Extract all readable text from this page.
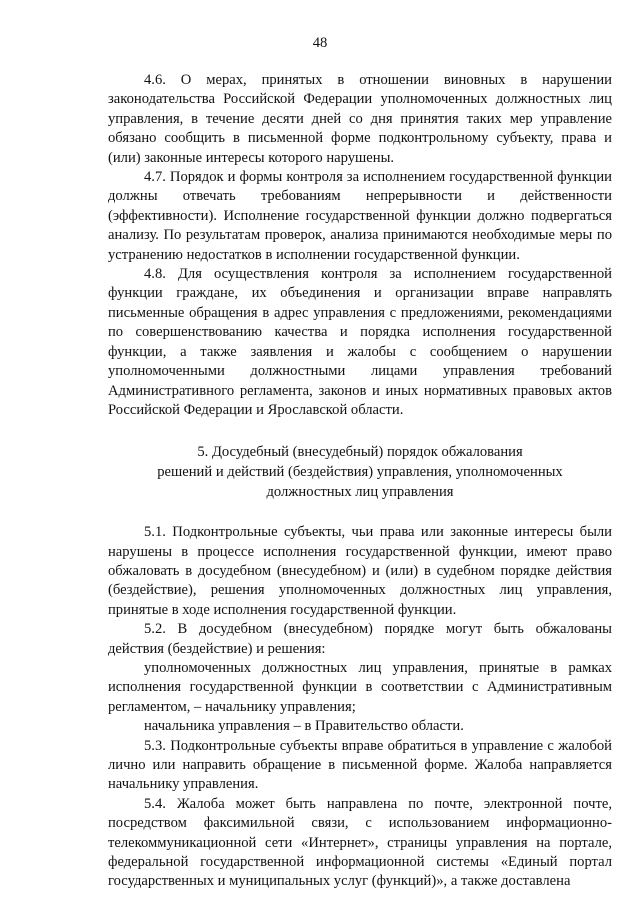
48

4.6. О мерах, принятых в отношении виновных в нарушении законодательства Российской Федерации уполномоченных должностных лиц управления, в течение десяти дней со дня принятия таких мер управление обязано сообщить в письменной форме подконтрольному субъекту, права и (или) законные интересы которого нарушены.

4.7. Порядок и формы контроля за исполнением государственной функции должны отвечать требованиям непрерывности и действенности (эффективности). Исполнение государственной функции должно подвергаться анализу. По результатам проверок, анализа принимаются необходимые меры по устранению недостатков в исполнении государственной функции.

4.8. Для осуществления контроля за исполнением государственной функции граждане, их объединения и организации вправе направлять письменные обращения в адрес управления с предложениями, рекомендациями по совершенствованию качества и порядка исполнения государственной функции, а также заявления и жалобы с сообщением о нарушении уполномоченными должностными лицами управления требований Административного регламента, законов и иных нормативных правовых актов Российской Федерации и Ярославской области.

5. Досудебный (внесудебный) порядок обжалования
решений и действий (бездействия) управления, уполномоченных
должностных лиц управления

5.1. Подконтрольные субъекты, чьи права или законные интересы были нарушены в процессе исполнения государственной функции, имеют право обжаловать в досудебном (внесудебном) и (или) в судебном порядке действия (бездействие), решения уполномоченных должностных лиц управления, принятые в ходе исполнения государственной функции.

5.2. В досудебном (внесудебном) порядке могут быть обжалованы действия (бездействие) и решения:

уполномоченных должностных лиц управления, принятые в рамках исполнения государственной функции в соответствии с Административным регламентом, – начальнику управления;

начальника управления – в Правительство области.

5.3. Подконтрольные субъекты вправе обратиться в управление с жалобой лично или направить обращение в письменной форме. Жалоба направляется начальнику управления.

5.4. Жалоба может быть направлена по почте, электронной почте, посредством факсимильной связи, с использованием информационно-телекоммуникационной сети «Интернет», страницы управления на портале, федеральной государственной информационной системы «Единый портал государственных и муниципальных услуг (функций)», а также доставлена
